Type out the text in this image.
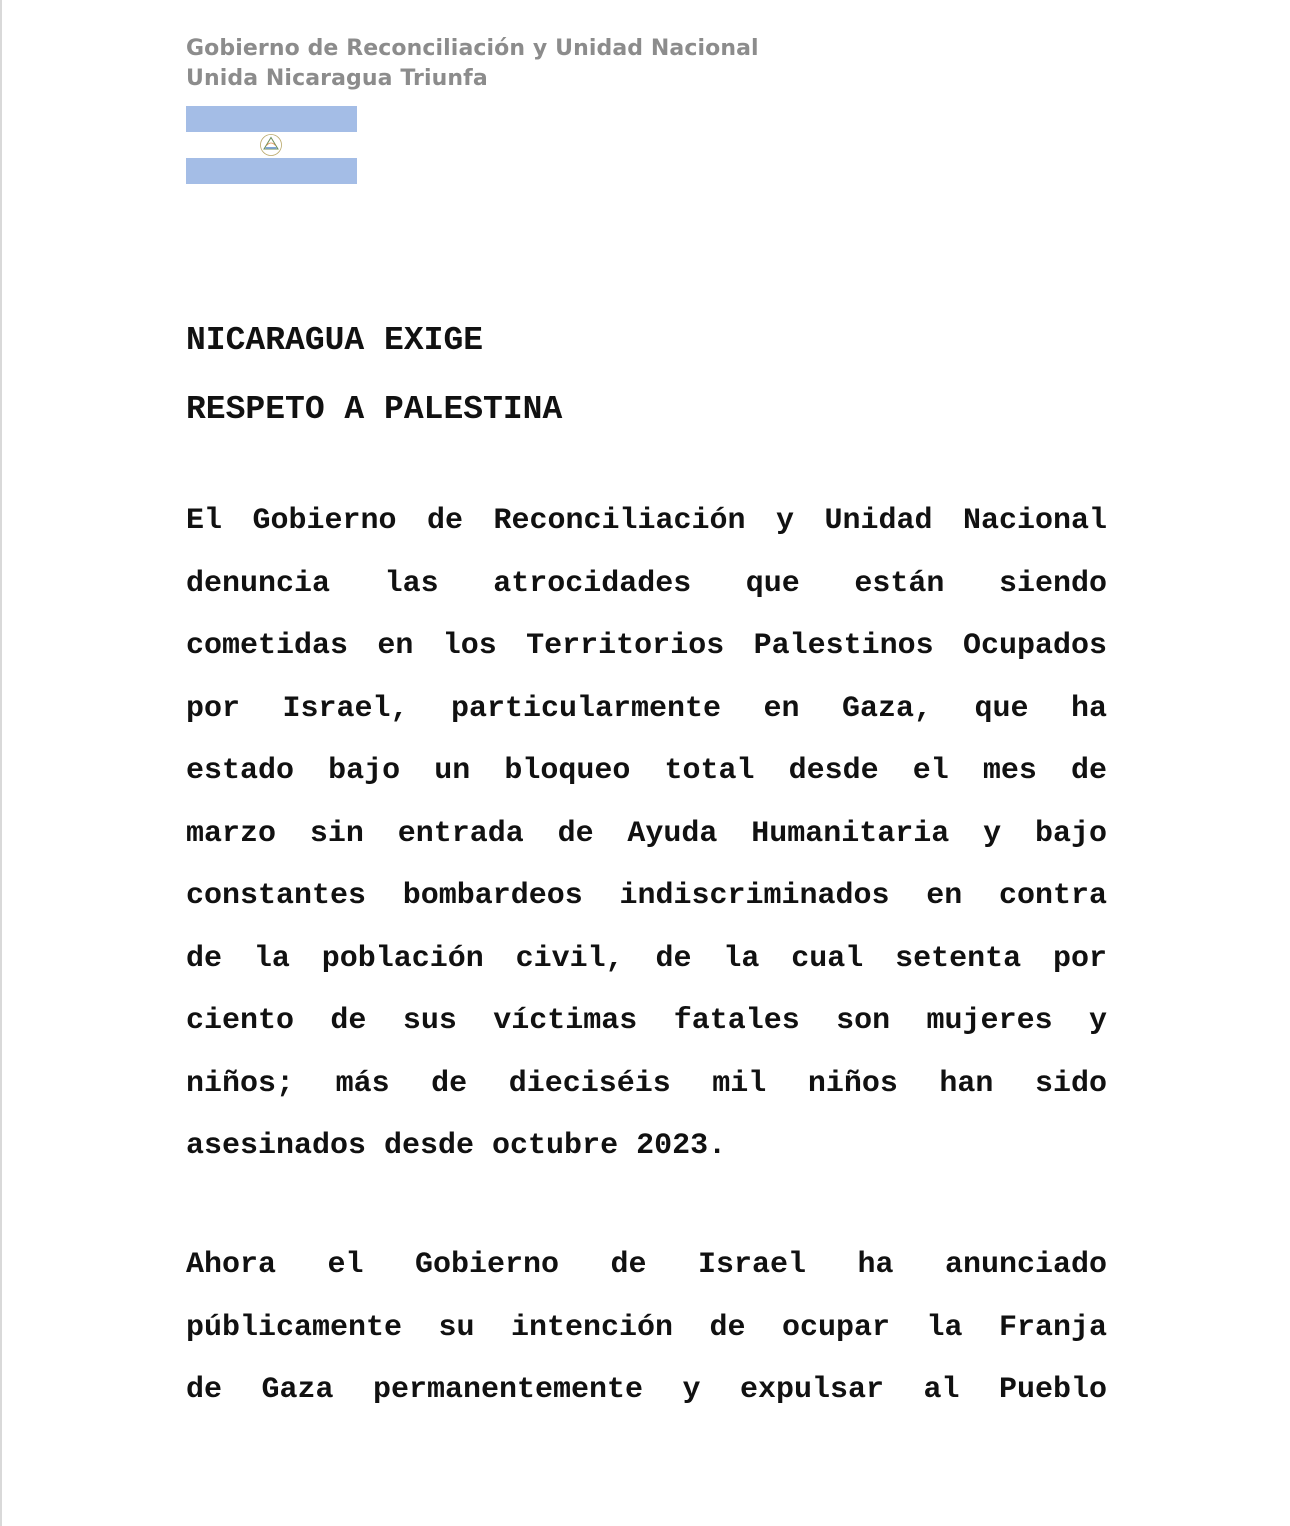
Gobierno de Reconciliación y Unidad Nacional
Unida Nicaragua Triunfa
NICARAGUA EXIGE
RESPETO A PALESTINA
El Gobierno de Reconciliación y Unidad Nacional
denuncia las atrocidades que están siendo
cometidas en los Territorios Palestinos Ocupados
por Israel, particularmente en Gaza, que ha
estado bajo un bloqueo total desde el mes de
marzo sin entrada de Ayuda Humanitaria y bajo
constantes bombardeos indiscriminados en contra
de la población civil, de la cual setenta por
ciento de sus víctimas fatales son mujeres y
niños; más de dieciséis mil niños han sido
asesinados desde octubre 2023.
Ahora el Gobierno de Israel ha anunciado
públicamente su intención de ocupar la Franja
de Gaza permanentemente y expulsar al Pueblo
